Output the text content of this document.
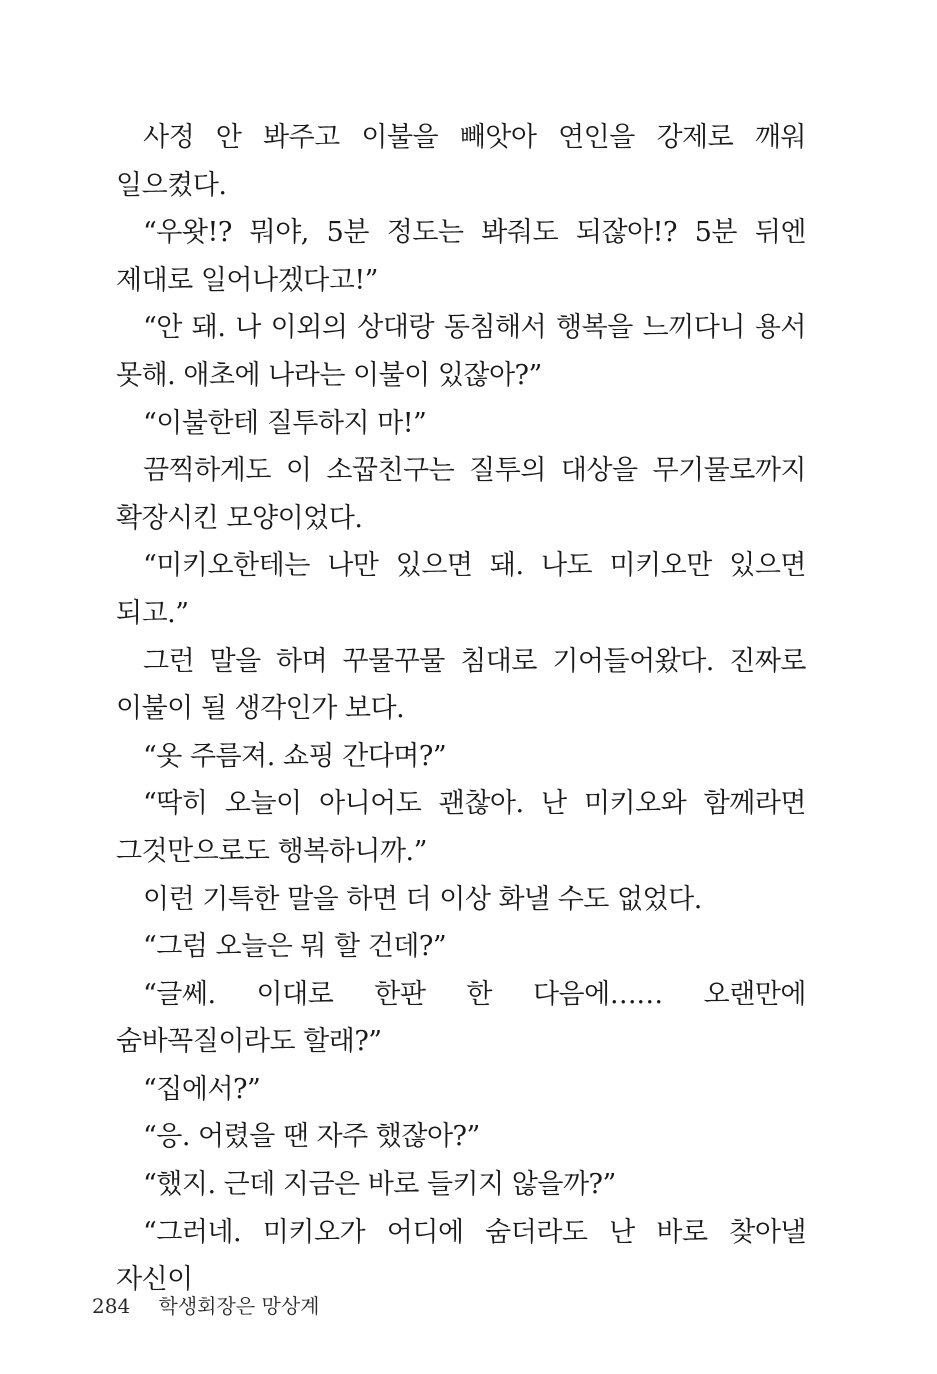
사정 안 봐주고 이불을 빼앗아 연인을 강제로 깨워 일으켰다.

“우왓!? 뭐야, 5분 정도는 봐줘도 되잖아!? 5분 뒤엔 제대로 일어나겠다고!”

“안 돼. 나 이외의 상대랑 동침해서 행복을 느끼다니 용서 못해. 애초에 나라는 이불이 있잖아?”

“이불한테 질투하지 마!”

끔찍하게도 이 소꿉친구는 질투의 대상을 무기물로까지 확장시킨 모양이었다.

“미키오한테는 나만 있으면 돼. 나도 미키오만 있으면 되고.”

그런 말을 하며 꾸물꾸물 침대로 기어들어왔다. 진짜로 이불이 될 생각인가 보다.

“옷 주름져. 쇼핑 간다며?”

“딱히 오늘이 아니어도 괜찮아. 난 미키오와 함께라면 그것만으로도 행복하니까.”

이런 기특한 말을 하면 더 이상 화낼 수도 없었다.

“그럼 오늘은 뭐 할 건데?”

“글쎄. 이대로 한판 한 다음에…… 오랜만에 숨바꼭질이라도 할래?”

“집에서?”

“응. 어렸을 땐 자주 했잖아?”

“했지. 근데 지금은 바로 들키지 않을까?”

“그러네. 미키오가 어디에 숨더라도 난 바로 찾아낼 자신이

284 학생회장은 망상계
